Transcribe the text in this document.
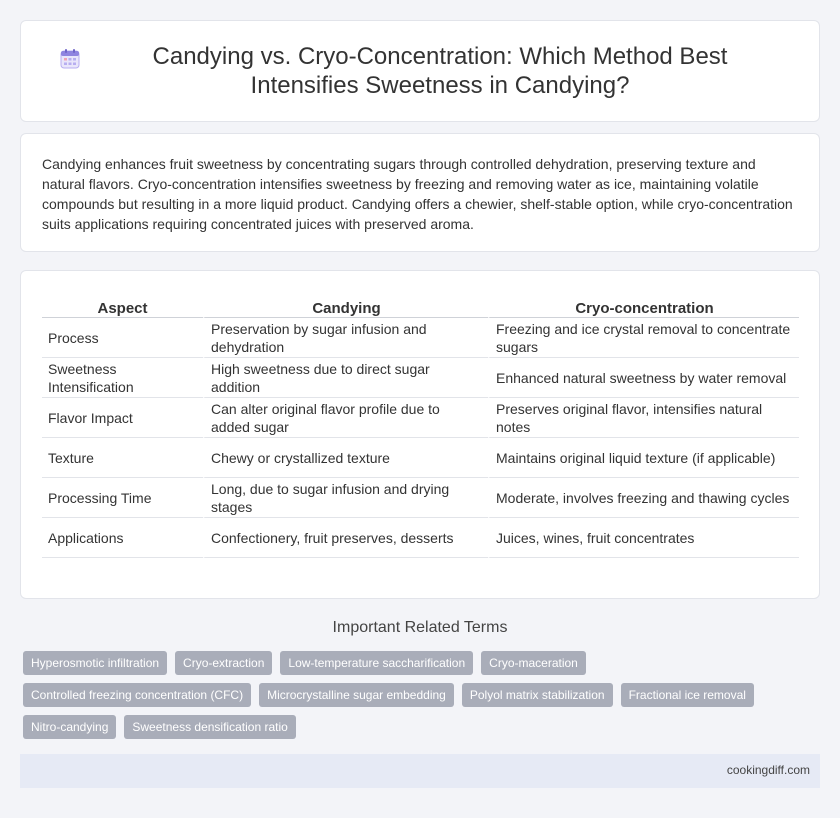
Candying vs. Cryo-Concentration: Which Method Best Intensifies Sweetness in Candying?

Candying enhances fruit sweetness by concentrating sugars through controlled dehydration, preserving texture and natural flavors. Cryo-concentration intensifies sweetness by freezing and removing water as ice, maintaining volatile compounds but resulting in a more liquid product. Candying offers a chewier, shelf-stable option, while cryo-concentration suits applications requiring concentrated juices with preserved aroma.

Aspect	Candying	Cryo-concentration
Process	Preservation by sugar infusion and dehydration	Freezing and ice crystal removal to concentrate sugars
Sweetness Intensification	High sweetness due to direct sugar addition	Enhanced natural sweetness by water removal
Flavor Impact	Can alter original flavor profile due to added sugar	Preserves original flavor, intensifies natural notes
Texture	Chewy or crystallized texture	Maintains original liquid texture (if applicable)
Processing Time	Long, due to sugar infusion and drying stages	Moderate, involves freezing and thawing cycles
Applications	Confectionery, fruit preserves, desserts	Juices, wines, fruit concentrates
Important Related Terms
Hyperosmotic infiltration	Cryo-extraction	Low-temperature saccharification	Cryo-maceration
Controlled freezing concentration (CFC)	Microcrystalline sugar embedding	Polyol matrix stabilization	Fractional ice removal
Nitro-candying	Sweetness densification ratio
cookingdiff.com
